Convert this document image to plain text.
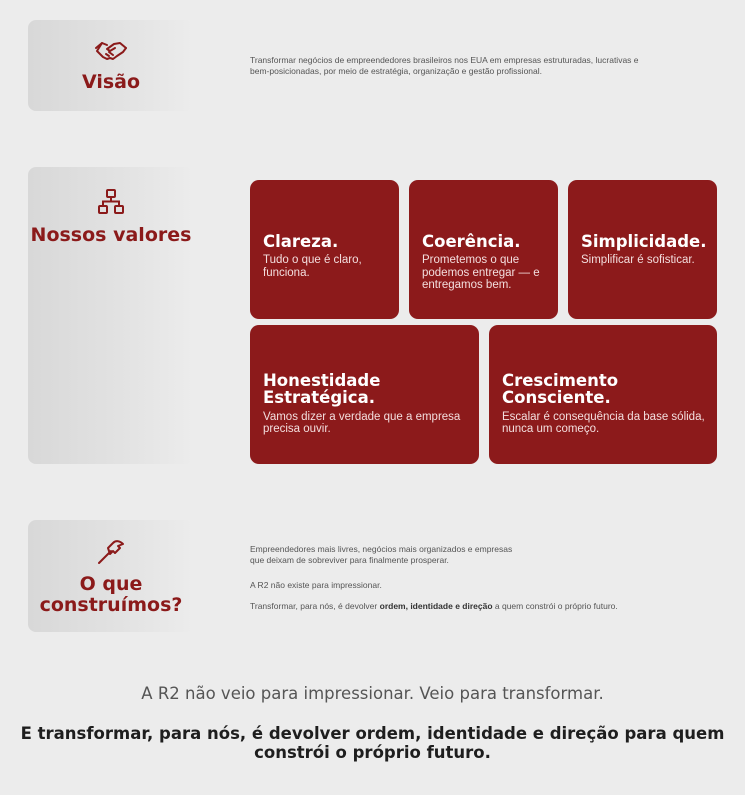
Visão
Transformar negócios de empreendedores brasileiros nos EUA em empresas estruturadas, lucrativas e bem-posicionadas, por meio de estratégia, organização e gestão profissional.
Nossos valores	Clareza.
Tudo o que é claro, funciona.
Coerência.
Prometemos o que podemos entregar — e entregamos bem.
Simplicidade.
Simplificar é sofisticar.
Honestidade Estratégica.
Vamos dizer a verdade que a empresa precisa ouvir.
Crescimento Consciente.
Escalar é consequência da base sólida, nunca um começo.
O que construímos?
Empreendedores mais livres, negócios mais organizados e empresas que deixam de sobreviver para finalmente prosperar.
A R2 não existe para impressionar.
Transformar, para nós, é devolver ordem, identidade e direção a quem constrói o próprio futuro.
A R2 não veio para impressionar. Veio para transformar.
E transformar, para nós, é devolver ordem, identidade e direção para quem constrói o próprio futuro.
